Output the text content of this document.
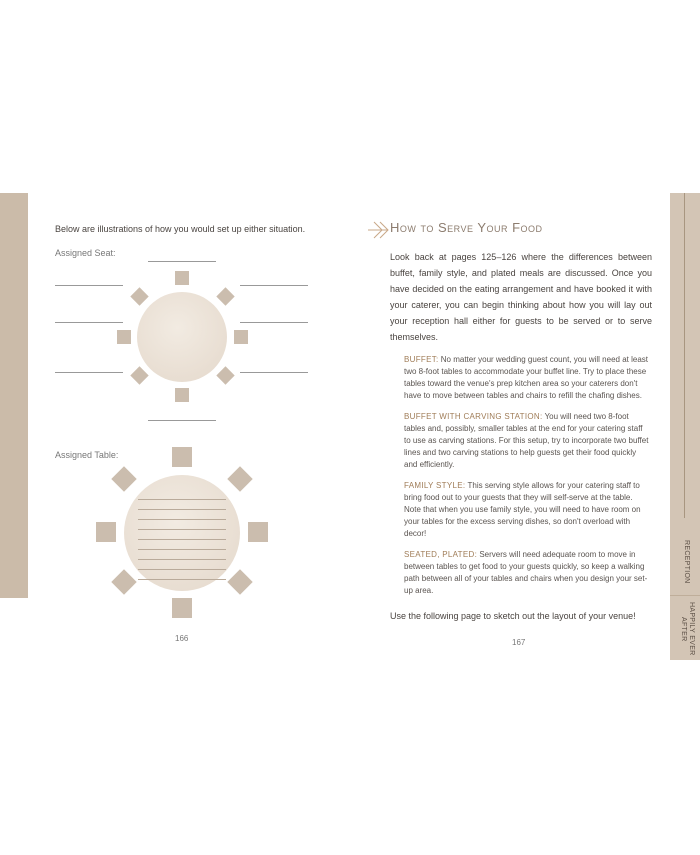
RECEPTION
HAPPILY EVER AFTER
Below are illustrations of how you would set up either situation.
Assigned Seat:
Assigned Table:
166
How to Serve Your Food

Look back at pages 125–126 where the differences between buffet, family style, and plated meals are discussed. Once you have decided on the eating arrangement and have booked it with your caterer, you can begin thinking about how you will lay out your reception hall either for guests to be served or to serve themselves.

BUFFET: No matter your wedding guest count, you will need at least two 8-foot tables to accommodate your buffet line. Try to place these tables toward the venue's prep kitchen area so your caterers don't have to move between tables and chairs to refill the chafing dishes.

BUFFET WITH CARVING STATION: You will need two 8-foot tables and, possibly, smaller tables at the end for your catering staff to use as carving stations. For this setup, try to incorporate two buffet lines and two carving stations to help guests get their food quickly and efficiently.

FAMILY STYLE: This serving style allows for your catering staff to bring food out to your guests that they will self-serve at the table. Note that when you use family style, you will need to have room on your tables for the excess serving dishes, so don't overload with decor!

SEATED, PLATED: Servers will need adequate room to move in between tables to get food to your guests quickly, so keep a walking path between all of your tables and chairs when you design your set-up area.

Use the following page to sketch out the layout of your venue!

167
